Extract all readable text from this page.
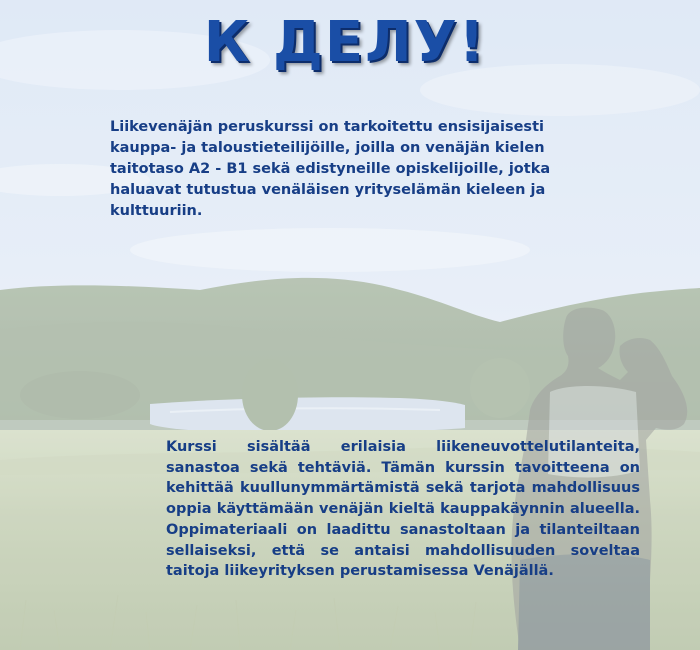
К ДЕЛУ!

Liikevenäjän peruskurssi on tarkoitettu ensisijaisesti kauppa- ja taloustieteilijöille, joilla on venäjän kielen taitotaso A2 - B1 sekä edistyneille opiskelijoille, jotka haluavat tutustua venäläisen yrityselämän kieleen ja kulttuuriin.

Kurssi sisältää erilaisia liikeneuvottelutilanteita, sanastoa sekä tehtäviä. Tämän kurssin tavoitteena on kehittää kuullunymmärtämistä sekä tarjota mahdollisuus oppia käyttämään venäjän kieltä kauppakäynnin alueella. Oppimateriaali on laadittu sanastoltaan ja tilanteiltaan sellaiseksi, että se antaisi mahdollisuuden soveltaa taitoja liikeyrityksen perustamisessa Venäjällä.
